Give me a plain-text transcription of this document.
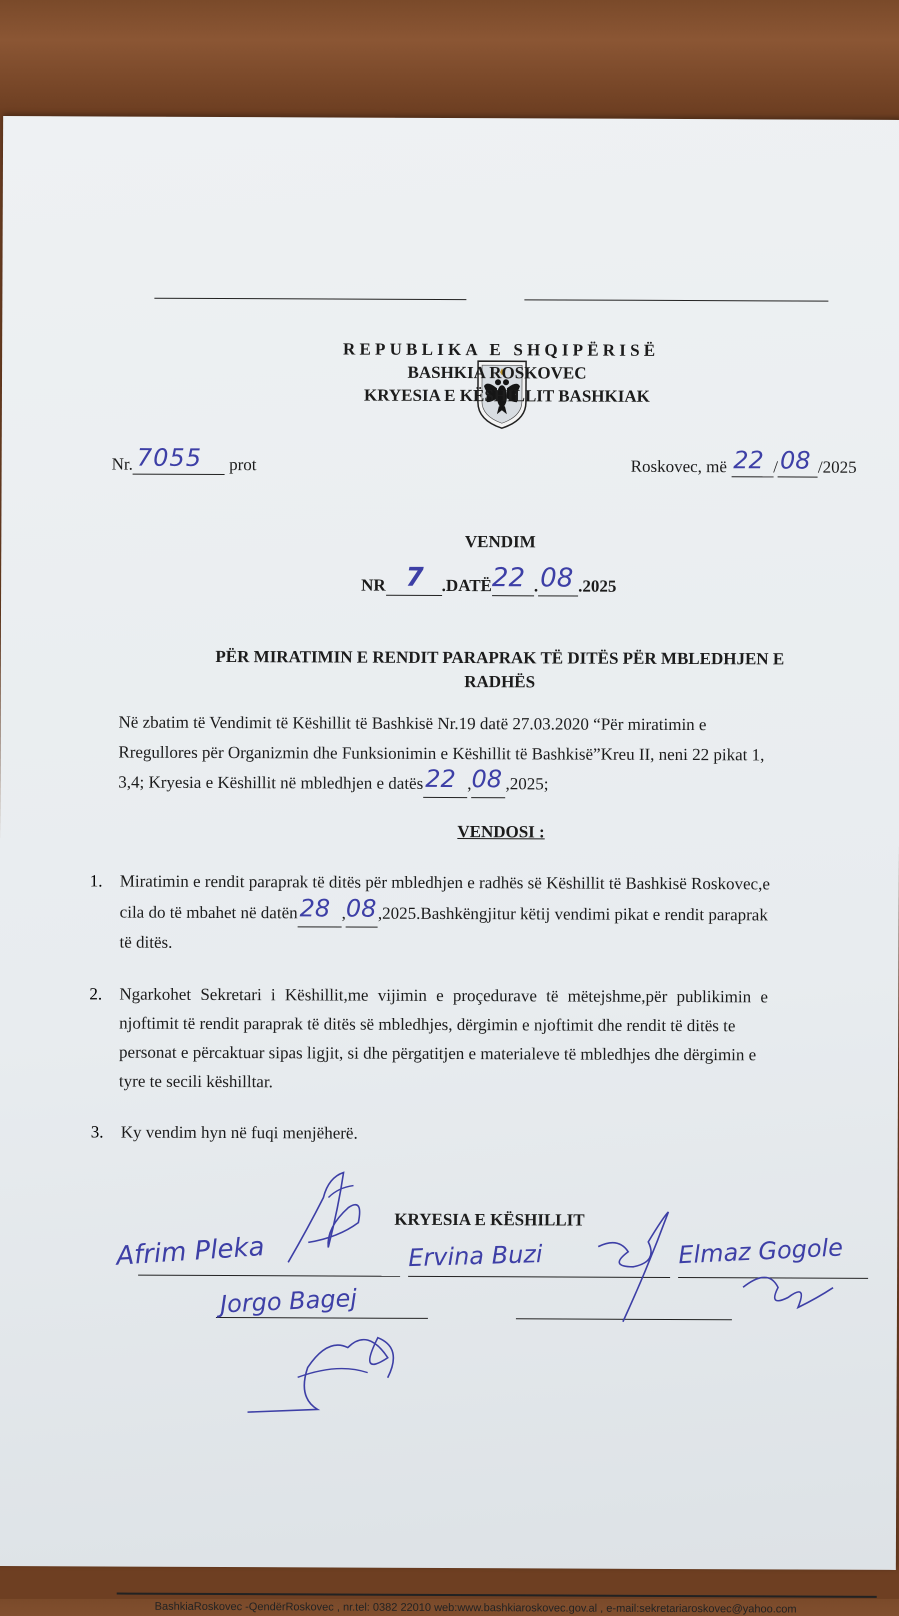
REPUBLIKA E SHQIPËRISË
BASHKIA ROSKOVEC
KRYESIA E KËSHILLIT BASHKIAK
Nr. 7055 prot	Roskovec, më 22 / 08 /2025
VENDIM
NR 7 .DATË 22 . 08 .2025
PËR MIRATIMIN E RENDIT PARAPRAK TË DITËS PËR MBLEDHJEN E
RADHËS
Në zbatim të Vendimit të Këshillit të Bashkisë Nr.19 datë 27.03.2020 “Për miratimin e
Rregullores për Organizmin dhe Funksionimin e Këshillit të Bashkisë”Kreu II, neni 22 pikat 1,
3,4; Kryesia e Këshillit në mbledhjen e datës 22 , 08 ,2025;
VENDOSI :
1. Miratimin e rendit paraprak të ditës për mbledhjen e radhës së Këshillit të Bashkisë Roskovec,e
cila do të mbahet në datën 28 , 08 ,2025.Bashkëngjitur këtij vendimi pikat e rendit paraprak
të ditës.
2. Ngarkohet Sekretari i Këshillit,me vijimin e proçedurave të mëtejshme,për publikimin e
njoftimit të rendit paraprak të ditës së mbledhjes, dërgimin e njoftimit dhe rendit të ditës te
personat e përcaktuar sipas ligjit, si dhe përgatitjen e materialeve të mbledhjes dhe dërgimin e
tyre te secili këshilltar.
3. Ky vendim hyn në fuqi menjëherë.
KRYESIA E KËSHILLIT
Afrim Pleka	Ervina Buzi	Elmaz Gogole
Jorgo Bagej
BashkiaRoskovec -QendërRoskovec , nr.tel: 0382 22010 web:www.bashkiaroskovec.gov.al , e-mail:sekretariaroskovec@yahoo.com
